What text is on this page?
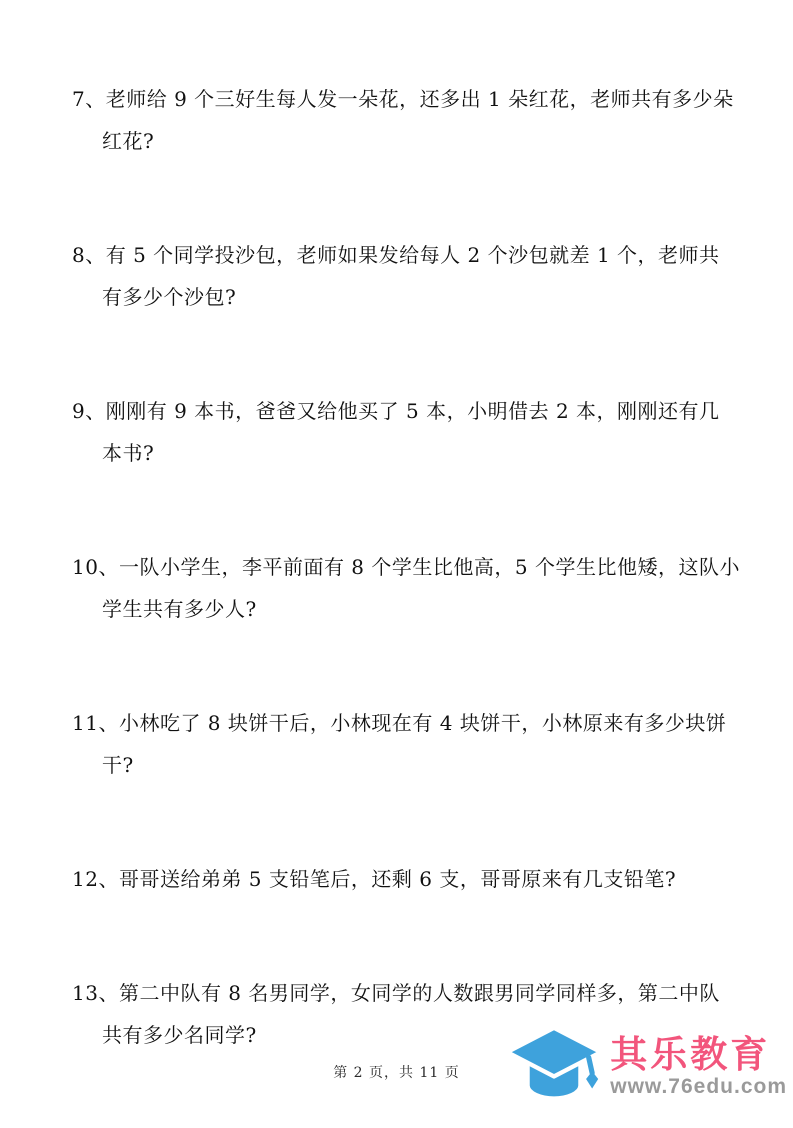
7、老师给 9 个三好生每人发一朵花，还多出 1 朵红花，老师共有多少朵红花?
8、有 5 个同学投沙包，老师如果发给每人 2 个沙包就差 1 个，老师共有多少个沙包?
9、刚刚有 9 本书，爸爸又给他买了 5 本，小明借去 2 本，刚刚还有几本书?
10、一队小学生，李平前面有 8 个学生比他高，5 个学生比他矮，这队小学生共有多少人?
11、小林吃了 8 块饼干后，小林现在有 4 块饼干，小林原来有多少块饼干?
12、哥哥送给弟弟 5 支铅笔后，还剩 6 支，哥哥原来有几支铅笔?
13、第二中队有 8 名男同学，女同学的人数跟男同学同样多，第二中队共有多少名同学?
第 2 页，共 11 页	其乐教育
www.76edu.com
